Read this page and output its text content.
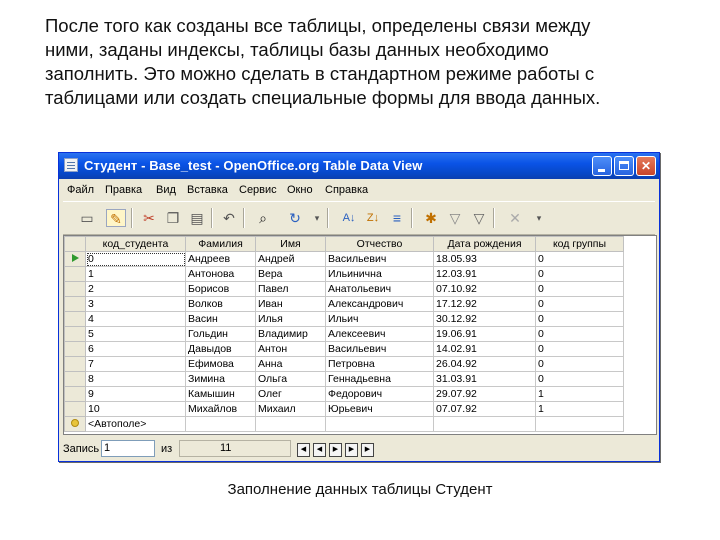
После того как созданы все таблицы, определены связи между
ними, заданы индексы, таблицы базы данных необходимо
заполнить. Это можно сделать в стандартном режиме работы с
таблицами или создать специальные формы для ввода данных.
Студент - Base_test - OpenOffice.org Table Data View	✕
Файл Правка Вид Вставка Сервис Окно Справка
▭ ✎ ✂ ❐ ▤ ↶	⌕	↻	▾	A↓	Z↓ ≡	✱ ▽ ▽	✕	▾
	код_студента	Фамилия	Имя	Отчество	Дата рождения	код группы
	0	Андреев	Андрей	Васильевич	18.05.93	0
	1	Антонова	Вера	Ильинична	12.03.91	0
	2	Борисов	Павел	Анатольевич	07.10.92	0
	3	Волков	Иван	Александрович	17.12.92	0
	4	Васин	Илья	Ильич	30.12.92	0
	5	Гольдин	Владимир	Алексеевич	19.06.91	0
	6	Давыдов	Антон	Васильевич	14.02.91	0
	7	Ефимова	Анна	Петровна	26.04.92	0
	8	Зимина	Ольга	Геннадьевна	31.03.91	0
	9	Камышин	Олег	Федорович	29.07.92	1
	10	Михайлов	Михаил	Юрьевич	07.07.92	1
	<Автополе>					
Запись 1	из	11	◀	◀	▶	▶	▶
Заполнение данных таблицы Студент
